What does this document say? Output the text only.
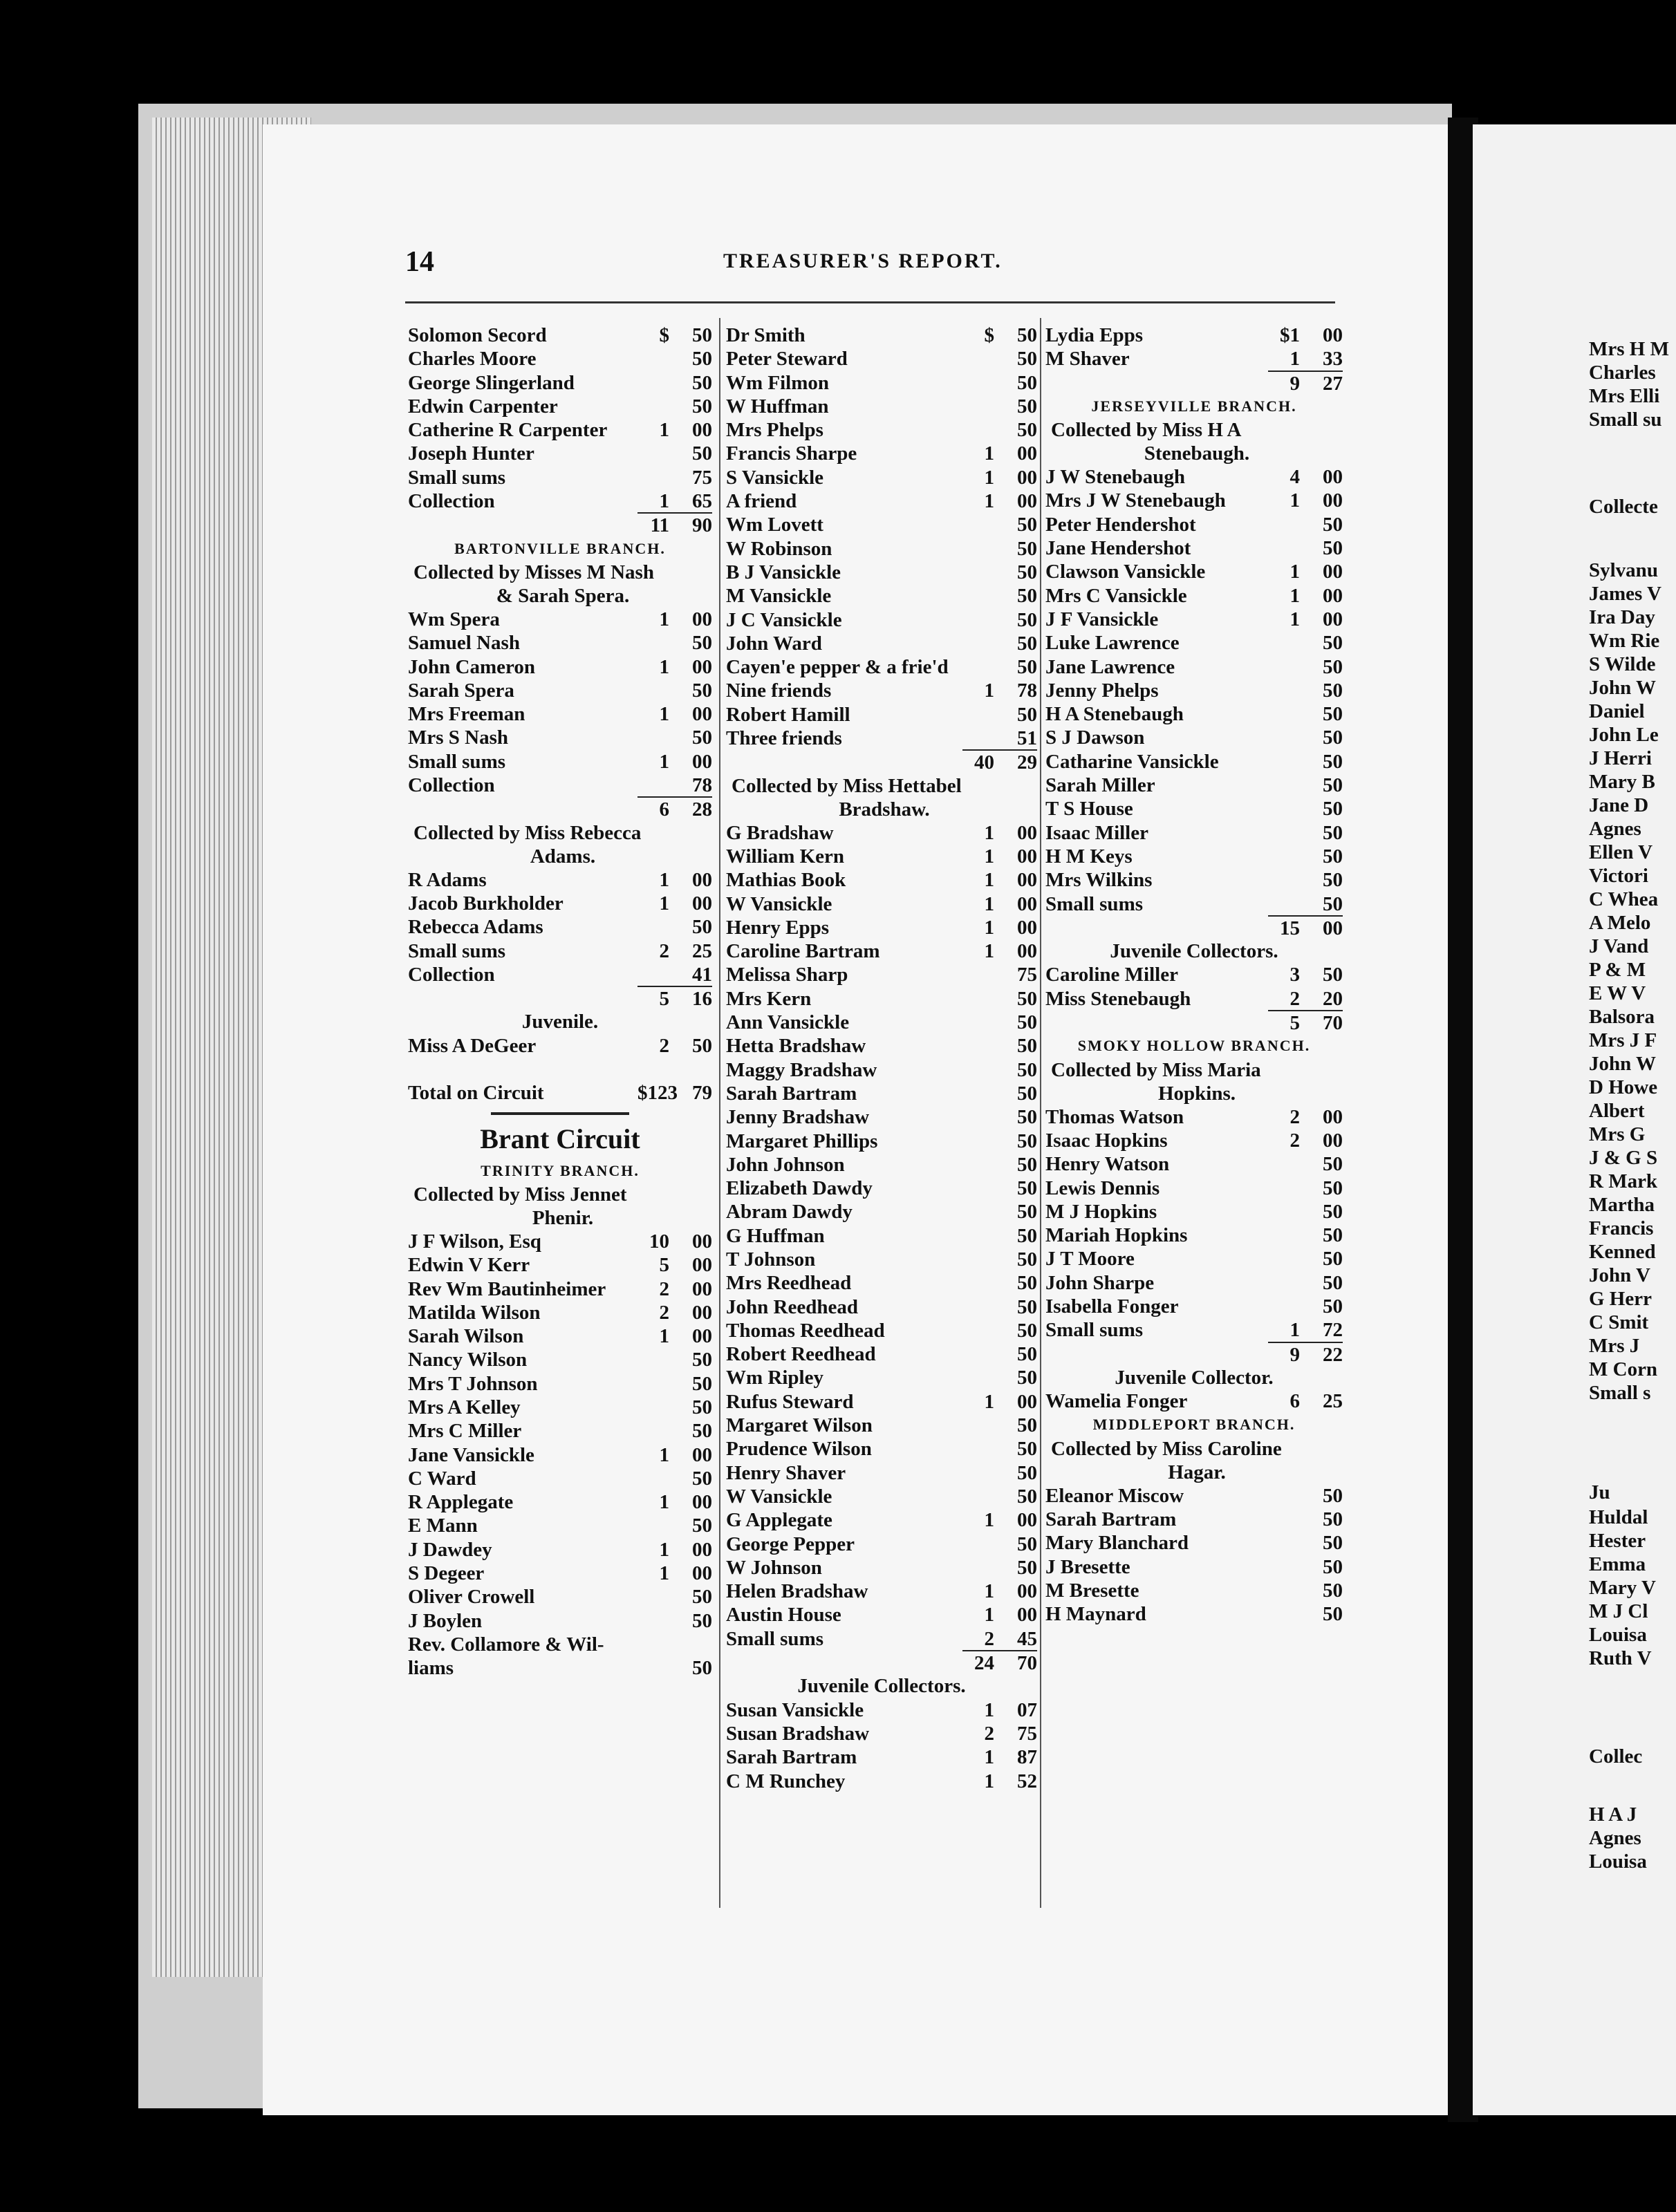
Mrs H M
Charles
Mrs Elli
Small su
Collecte
Sylvanu
James V
Ira Day
Wm Rie
S Wilde
John W
Daniel
John Le
J Herri
Mary B
Jane D
Agnes
Ellen V
Victori
C Whea
A Melo
J Vand
P & M
E W V
Balsora
Mrs J F
John W
D Howe
Albert
Mrs G
J & G S
R Mark
Martha
Francis
Kenned
John V
G Herr
C Smit
Mrs J
M Corn
Small s
Ju
Huldal
Hester
Emma
Mary V
M J Cl
Louisa
Ruth V
Collec
H A J
Agnes
Louisa
14	TREASURER'S REPORT.
Solomon Secord	$	50
Charles Moore	50
George Slingerland	50
Edwin Carpenter	50
Catherine R Carpenter	1	00
Joseph Hunter	50
Small sums	75
Collection	1	65
11	90
BARTONVILLE BRANCH.
Collected by Misses M Nash
& Sarah Spera.
Wm Spera	1	00
Samuel Nash	50
John Cameron	1	00
Sarah Spera	50
Mrs Freeman	1	00
Mrs S Nash	50
Small sums	1	00
Collection	78
6	28
Collected by Miss Rebecca
Adams.
R Adams	1	00
Jacob Burkholder	1	00
Rebecca Adams	50
Small sums	2	25
Collection	41
5	16
Juvenile.
Miss A DeGeer	2	50
Total on Circuit	$123 79
Brant Circuit
TRINITY BRANCH.
Collected by Miss Jennet
Phenir.
J F Wilson, Esq	10	00
Edwin V Kerr	5	00
Rev Wm Bautinheimer	2	00
Matilda Wilson	2	00
Sarah Wilson	1	00
Nancy Wilson	50
Mrs T Johnson	50
Mrs A Kelley	50
Mrs C Miller	50
Jane Vansickle	1	00
C Ward	50
R Applegate	1	00
E Mann	50
J Dawdey	1	00
S Degeer	1	00
Oliver Crowell	50
J Boylen	50
Rev. Collamore & Wil-
liams	50
Dr Smith	$	50
Peter Steward	50
Wm Filmon	50
W Huffman	50
Mrs Phelps	50
Francis Sharpe	1	00
S Vansickle	1	00
A friend	1	00
Wm Lovett	50
W Robinson	50
B J Vansickle	50
M Vansickle	50
J C Vansickle	50
John Ward	50
Cayen'e pepper & a frie'd	50
Nine friends	1	78
Robert Hamill	50
Three friends	51
40	29
Collected by Miss Hettabel
Bradshaw.
G Bradshaw	1	00
William Kern	1	00
Mathias Book	1	00
W Vansickle	1	00
Henry Epps	1	00
Caroline Bartram	1	00
Melissa Sharp	75
Mrs Kern	50
Ann Vansickle	50
Hetta Bradshaw	50
Maggy Bradshaw	50
Sarah Bartram	50
Jenny Bradshaw	50
Margaret Phillips	50
John Johnson	50
Elizabeth Dawdy	50
Abram Dawdy	50
G Huffman	50
T Johnson	50
Mrs Reedhead	50
John Reedhead	50
Thomas Reedhead	50
Robert Reedhead	50
Wm Ripley	50
Rufus Steward	1	00
Margaret Wilson	50
Prudence Wilson	50
Henry Shaver	50
W Vansickle	50
G Applegate	1	00
George Pepper	50
W Johnson	50
Helen Bradshaw	1	00
Austin House	1	00
Small sums	2	45
24	70
Juvenile Collectors.
Susan Vansickle	1	07
Susan Bradshaw	2	75
Sarah Bartram	1	87
C M Runchey	1	52
Lydia Epps	$1	00
M Shaver	1	33
9	27
JERSEYVILLE BRANCH.
Collected by Miss H A
Stenebaugh.
J W Stenebaugh	4	00
Mrs J W Stenebaugh	1	00
Peter Hendershot	50
Jane Hendershot	50
Clawson Vansickle	1	00
Mrs C Vansickle	1	00
J F Vansickle	1	00
Luke Lawrence	50
Jane Lawrence	50
Jenny Phelps	50
H A Stenebaugh	50
S J Dawson	50
Catharine Vansickle	50
Sarah Miller	50
T S House	50
Isaac Miller	50
H M Keys	50
Mrs Wilkins	50
Small sums	50
15	00
Juvenile Collectors.
Caroline Miller	3	50
Miss Stenebaugh	2	20
5	70
SMOKY HOLLOW BRANCH.
Collected by Miss Maria
Hopkins.
Thomas Watson	2	00
Isaac Hopkins	2	00
Henry Watson	50
Lewis Dennis	50
M J Hopkins	50
Mariah Hopkins	50
J T Moore	50
John Sharpe	50
Isabella Fonger	50
Small sums	1	72
9	22
Juvenile Collector.
Wamelia Fonger	6	25
MIDDLEPORT BRANCH.
Collected by Miss Caroline
Hagar.
Eleanor Miscow	50
Sarah Bartram	50
Mary Blanchard	50
J Bresette	50
M Bresette	50
H Maynard	50
